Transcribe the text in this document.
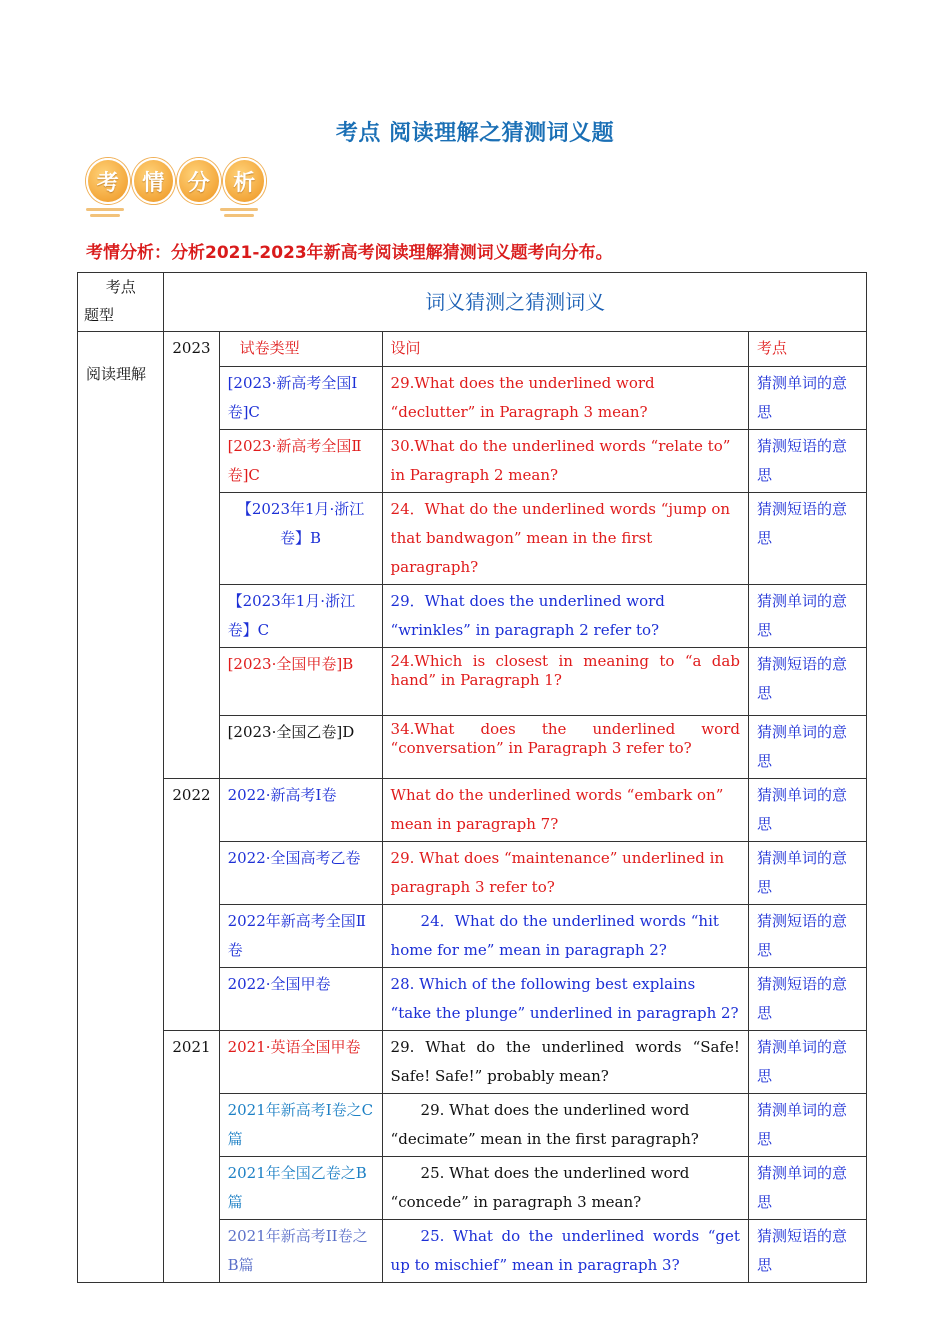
考点 阅读理解之猜测词义题
考	情	分	析
考情分析：分析2021-2023年新高考阅读理解猜测词义题考向分布。
考点
题型	词义猜测之猜测词义			
阅读理解	2023	试卷类型	设问	考点
		[2023·新高考全国Ⅰ卷]C	29.What does the underlined word “declutter” in Paragraph 3 mean?	猜测单词的意思
		[2023·新高考全国Ⅱ卷]C	30.What do the underlined words “relate to” in Paragraph 2 mean?	猜测短语的意思
		【2023年1月·浙江卷】B	24．What do the underlined words “jump on that bandwagon” mean in the first paragraph?	猜测短语的意思
		【2023年1月·浙江卷】C	29．What does the underlined word “wrinkles” in paragraph 2 refer to?	猜测单词的意思
		[2023·全国甲卷]B	24.Which is closest in meaning to “a dab hand” in Paragraph 1?	猜测短语的意思
		[2023·全国乙卷]D	34.What does the underlined word “conversation” in Paragraph 3 refer to?	猜测单词的意思
	2022	2022·新高考I卷	What do the underlined words “embark on” mean in paragraph 7?	猜测单词的意思
		2022·全国高考乙卷	29. What does “maintenance” underlined in paragraph 3 refer to?	猜测单词的意思
		2022年新高考全国Ⅱ卷	24．What do the underlined words “hit home for me” mean in paragraph 2?	猜测短语的意思
		2022·全国甲卷	28. Which of the following best explains “take the plunge” underlined in paragraph 2?	猜测短语的意思
	2021	2021·英语全国甲卷	29. What do the underlined words “Safe! Safe! Safe!” probably mean?	猜测单词的意思
		2021年新高考I卷之C篇	29. What does the underlined word “decimate” mean in the first paragraph?	猜测单词的意思
		2021年全国乙卷之B篇	25. What does the underlined word “concede” in paragraph 3 mean?	猜测单词的意思
		2021年新高考II卷之B篇	25. What do the underlined words “get up to mischief” mean in paragraph 3?	猜测短语的意思
